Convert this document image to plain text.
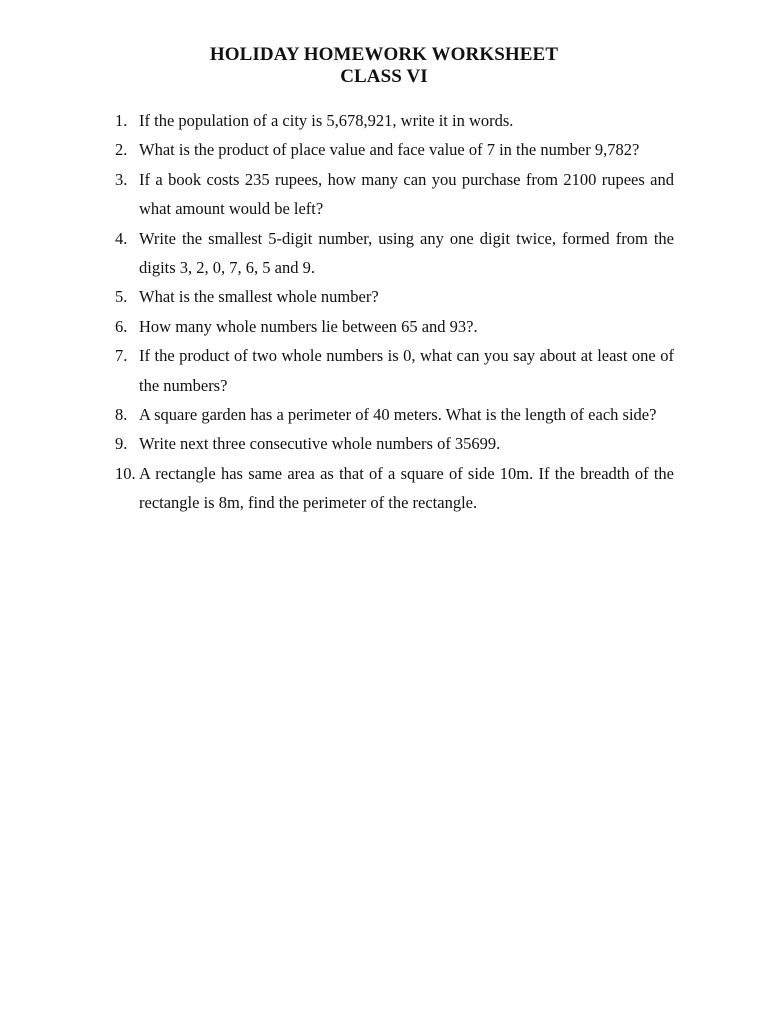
HOLIDAY HOMEWORK WORKSHEET
CLASS VI
1. If the population of a city is 5,678,921, write it in words.
2. What is the product of place value and face value of 7 in the number 9,782?
3. If a book costs 235 rupees, how many can you purchase from 2100 rupees and what amount would be left?
4. Write the smallest 5-digit number, using any one digit twice, formed from the digits 3, 2, 0, 7, 6, 5 and 9.
5. What is the smallest whole number?
6. How many whole numbers lie between 65 and 93?.
7. If the product of two whole numbers is 0, what can you say about at least one of the numbers?
8. A square garden has a perimeter of 40 meters. What is the length of each side?
9. Write next three consecutive whole numbers of 35699.
10. A rectangle has same area as that of a square of side 10m. If the breadth of the rectangle is 8m, find the perimeter of the rectangle.
